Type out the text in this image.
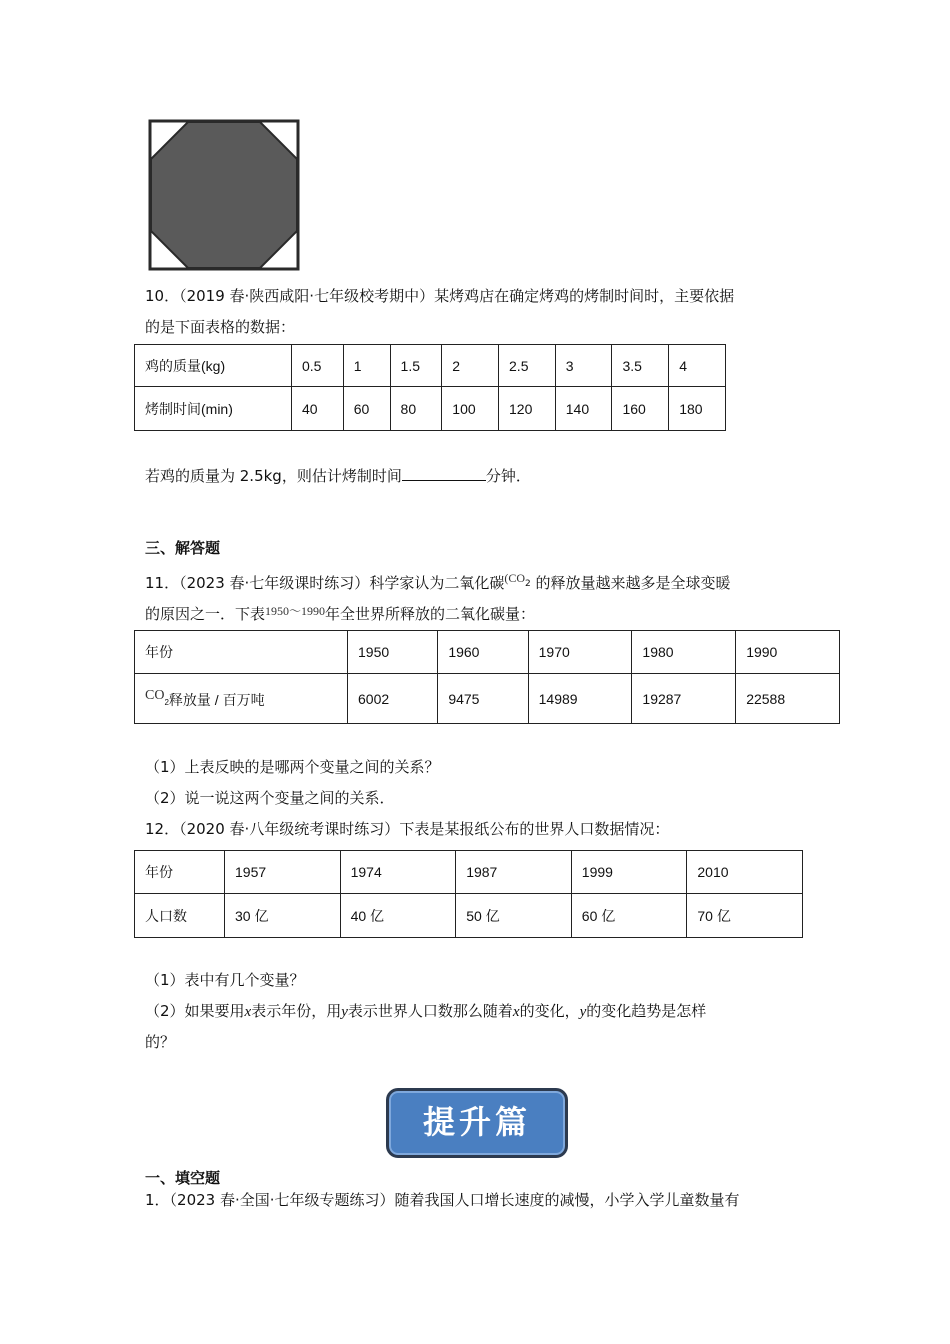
10．（2019 春·陕西咸阳·七年级校考期中）某烤鸡店在确定烤鸡的烤制时间时，主要依据
的是下面表格的数据：
鸡的质量(kg)	0.5	1	1.5	2	2.5	3	3.5	4
烤制时间(min)	40	60	80	100	120	140	160	180
若鸡的质量为 2.5kg，则估计烤制时间	分钟．
三、解答题
11．（2023 春·七年级课时练习）科学家认为二氧化碳$^{(CO}$2 的释放量越来越多是全球变暖
的原因之一．下表$^{1950\sim 1990}$年全世界所释放的二氧化碳量：
年份	1950	1960	1970	1980	1990
CO2释放量 / 百万吨	6002	9475	14989	19287	22588
（1）上表反映的是哪两个变量之间的关系？
（2）说一说这两个变量之间的关系．
12．（2020 春·八年级统考课时练习）下表是某报纸公布的世界人口数据情况：
年份	1957	1974	1987	1999	2010
人口数	30 亿	40 亿	50 亿	60 亿	70 亿
（1）表中有几个变量？
（2）如果要用x表示年份，用y表示世界人口数那么随着x的变化，y的变化趋势是怎样
的？
提升篇
一、填空题
1．（2023 春·全国·七年级专题练习）随着我国人口增长速度的减慢，小学入学儿童数量有
